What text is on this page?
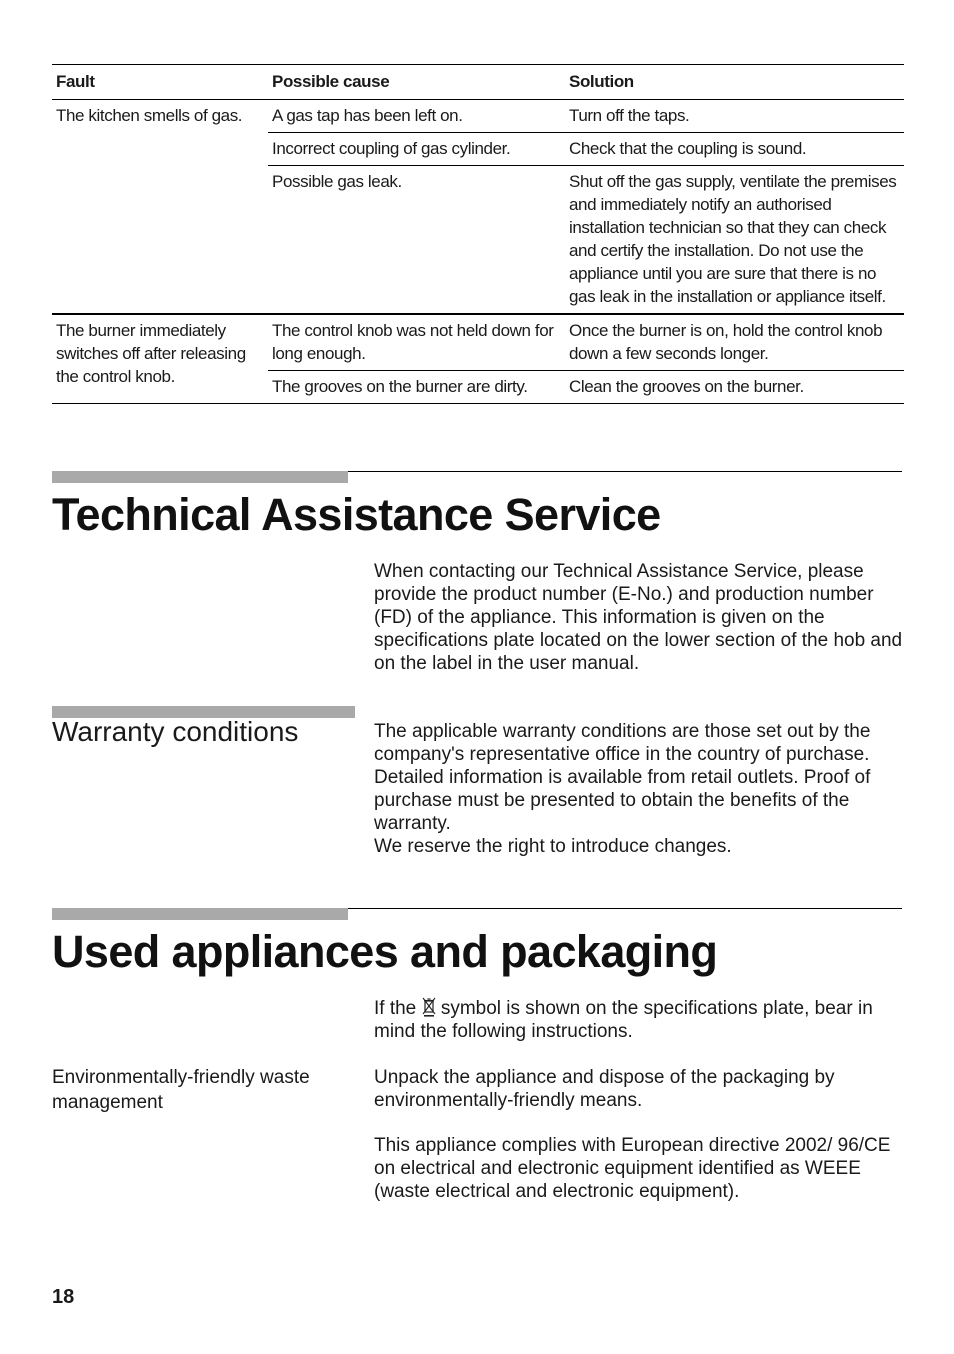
Fault	Possible cause	Solution
The kitchen smells of gas.	A gas tap has been left on.	Turn off the taps.
	Incorrect coupling of gas cylinder.	Check that the coupling is sound.
	Possible gas leak.	Shut off the gas supply, ventilate the premises and immediately notify an authorised installation technician so that they can check and certify the installation. Do not use the appliance until you are sure that there is no gas leak in the installation or appliance itself.
The burner immediately switches off after releasing the control knob.	The control knob was not held down for long enough.	Once the burner is on, hold the control knob down a few seconds longer.
	The grooves on the burner are dirty.	Clean the grooves on the burner.
Technical Assistance Service

When contacting our Technical Assistance Service, please provide the product number (E-No.) and production number (FD) of the appliance. This information is given on the specifications plate located on the lower section of the hob and on the label in the user manual.

Warranty conditions	The applicable warranty conditions are those set out by the company's representative office in the country of purchase. Detailed information is available from retail outlets. Proof of purchase must be presented to obtain the benefits of the warranty.
We reserve the right to introduce changes.

Used appliances and packaging

If the symbol is shown on the specifications plate, bear in mind the following instructions.

Environmentally-friendly waste management

Unpack the appliance and dispose of the packaging by environmentally-friendly means.

This appliance complies with European directive 2002/ 96/CE on electrical and electronic equipment identified as WEEE (waste electrical and electronic equipment).

18
